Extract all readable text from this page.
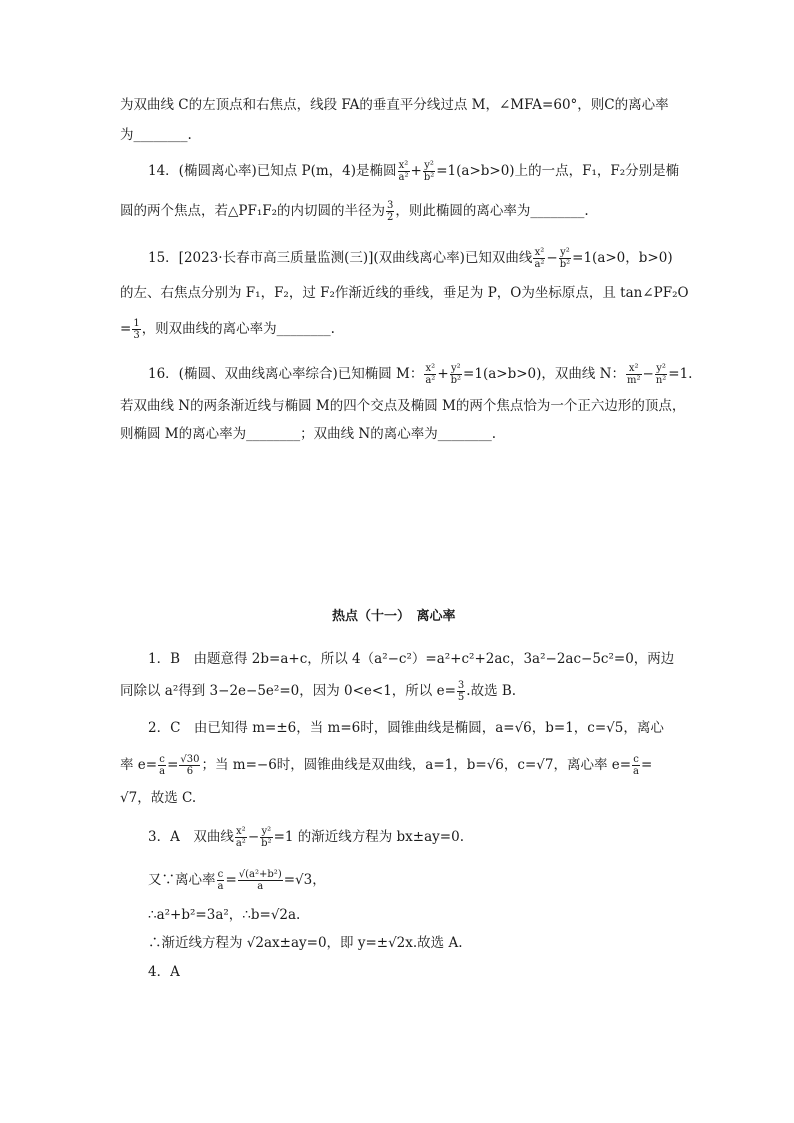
为双曲线 C的左顶点和右焦点，线段 FA的垂直平分线过点 M，∠MFA=60°，则C的离心率
为________.
14．(椭圆离心率)已知点 P(m，4)是椭圆 $\frac{\text{x²}}{\text{a²}} + \frac{\text{y²}}{\text{b²}} =1(a>b>0)$上的一点，F₁，F₂分别是椭
圆的两个焦点，若△PF₁F₂的内切圆的半径为 $\frac{3}{2}$ ，则此椭圆的离心率为________.
15．[2023·长春市高三质量监测(三)](双曲线离心率)已知双曲线 $\frac{\text{x²}}{\text{a²}} - \frac{\text{y²}}{\text{b²}} =1(a>0$，b>0)
的左、右焦点分别为 F₁，F₂，过 F₂作渐近线的垂线，垂足为 P，O为坐标原点，且 tan∠PF₂O
= $\frac{1}{3}$ ，则双曲线的离心率为________.
16．(椭圆、双曲线离心率综合)已知椭圆 M： $\frac{\text{x²}}{\text{a²}} + \frac{\text{y²}}{\text{b²}} =1(a>b>0)$，双曲线 N： $\frac{\text{x²}}{\text{m²}} - \frac{\text{y²}}{\text{n²}} =1$.
若双曲线 N的两条渐近线与椭圆 M的四个交点及椭圆 M的两个焦点恰为一个正六边形的顶点，
则椭圆 M的离心率为________；双曲线 N的离心率为________.
热点（十一）　离心率
1．B　由题意得 2b=a+c，所以 4（a²−c²）=a²+c²+2ac，3a²−2ac−5c²=0，两边
同除以 a²得到 3−2e−5e²=0，因为 0<e<1，所以 $e= \frac{3}{5}$ .故选 B.
2．C　由已知得 m=±6，当 m=6时，圆锥曲线是椭圆，a=√6，b=1，c=√5，离心
率 $e= \frac{c}{a} = \frac{√30}{6}$ ；当 m=−6时，圆锥曲线是双曲线，a=1，b=√6，c=√7，离心率 $e= \frac{c}{a}$ =
√7，故选 C.
3．A　双曲线 $\frac{\text{x²}}{\text{a²}} - \frac{\text{y²}}{\text{b²}} =1$ 的渐近线方程为 bx±ay=0.
又∵离心率 $\frac{c}{a} = \frac{\text{√(a²+b²)}}{a} =√3$，
∴a²+b²=3a²，∴b=√2a.
∴渐近线方程为 √2ax±ay=0，即 y=±√2x.故选 A.
4．A
